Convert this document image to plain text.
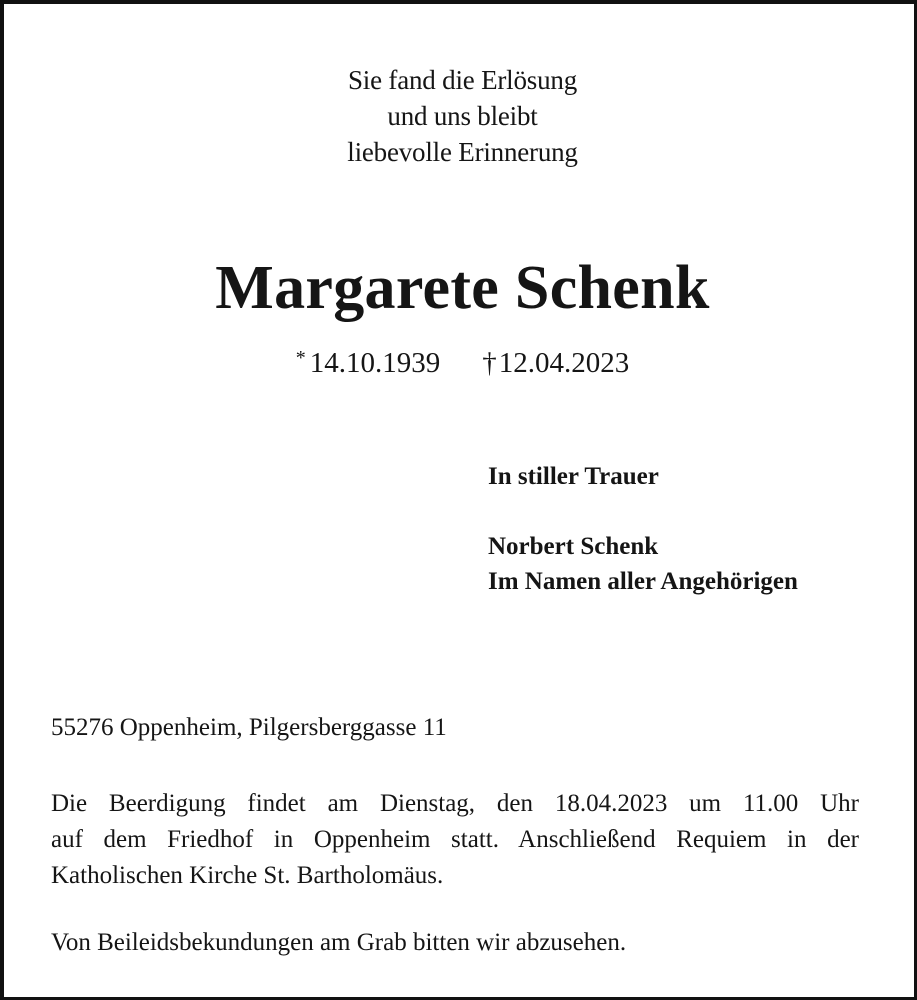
Sie fand die Erlösung
und uns bleibt
liebevolle Erinnerung
Margarete Schenk
* 14.10.1939 †12.04.2023
In stiller Trauer
Norbert Schenk
Im Namen aller Angehörigen
55276 Oppenheim, Pilgersberggasse 11
Die Beerdigung findet am Dienstag, den 18.04.2023 um 11.00 Uhr
auf dem Friedhof in Oppenheim statt. Anschließend Requiem in der
Katholischen Kirche St. Bartholomäus.
Von Beileidsbekundungen am Grab bitten wir abzusehen.
